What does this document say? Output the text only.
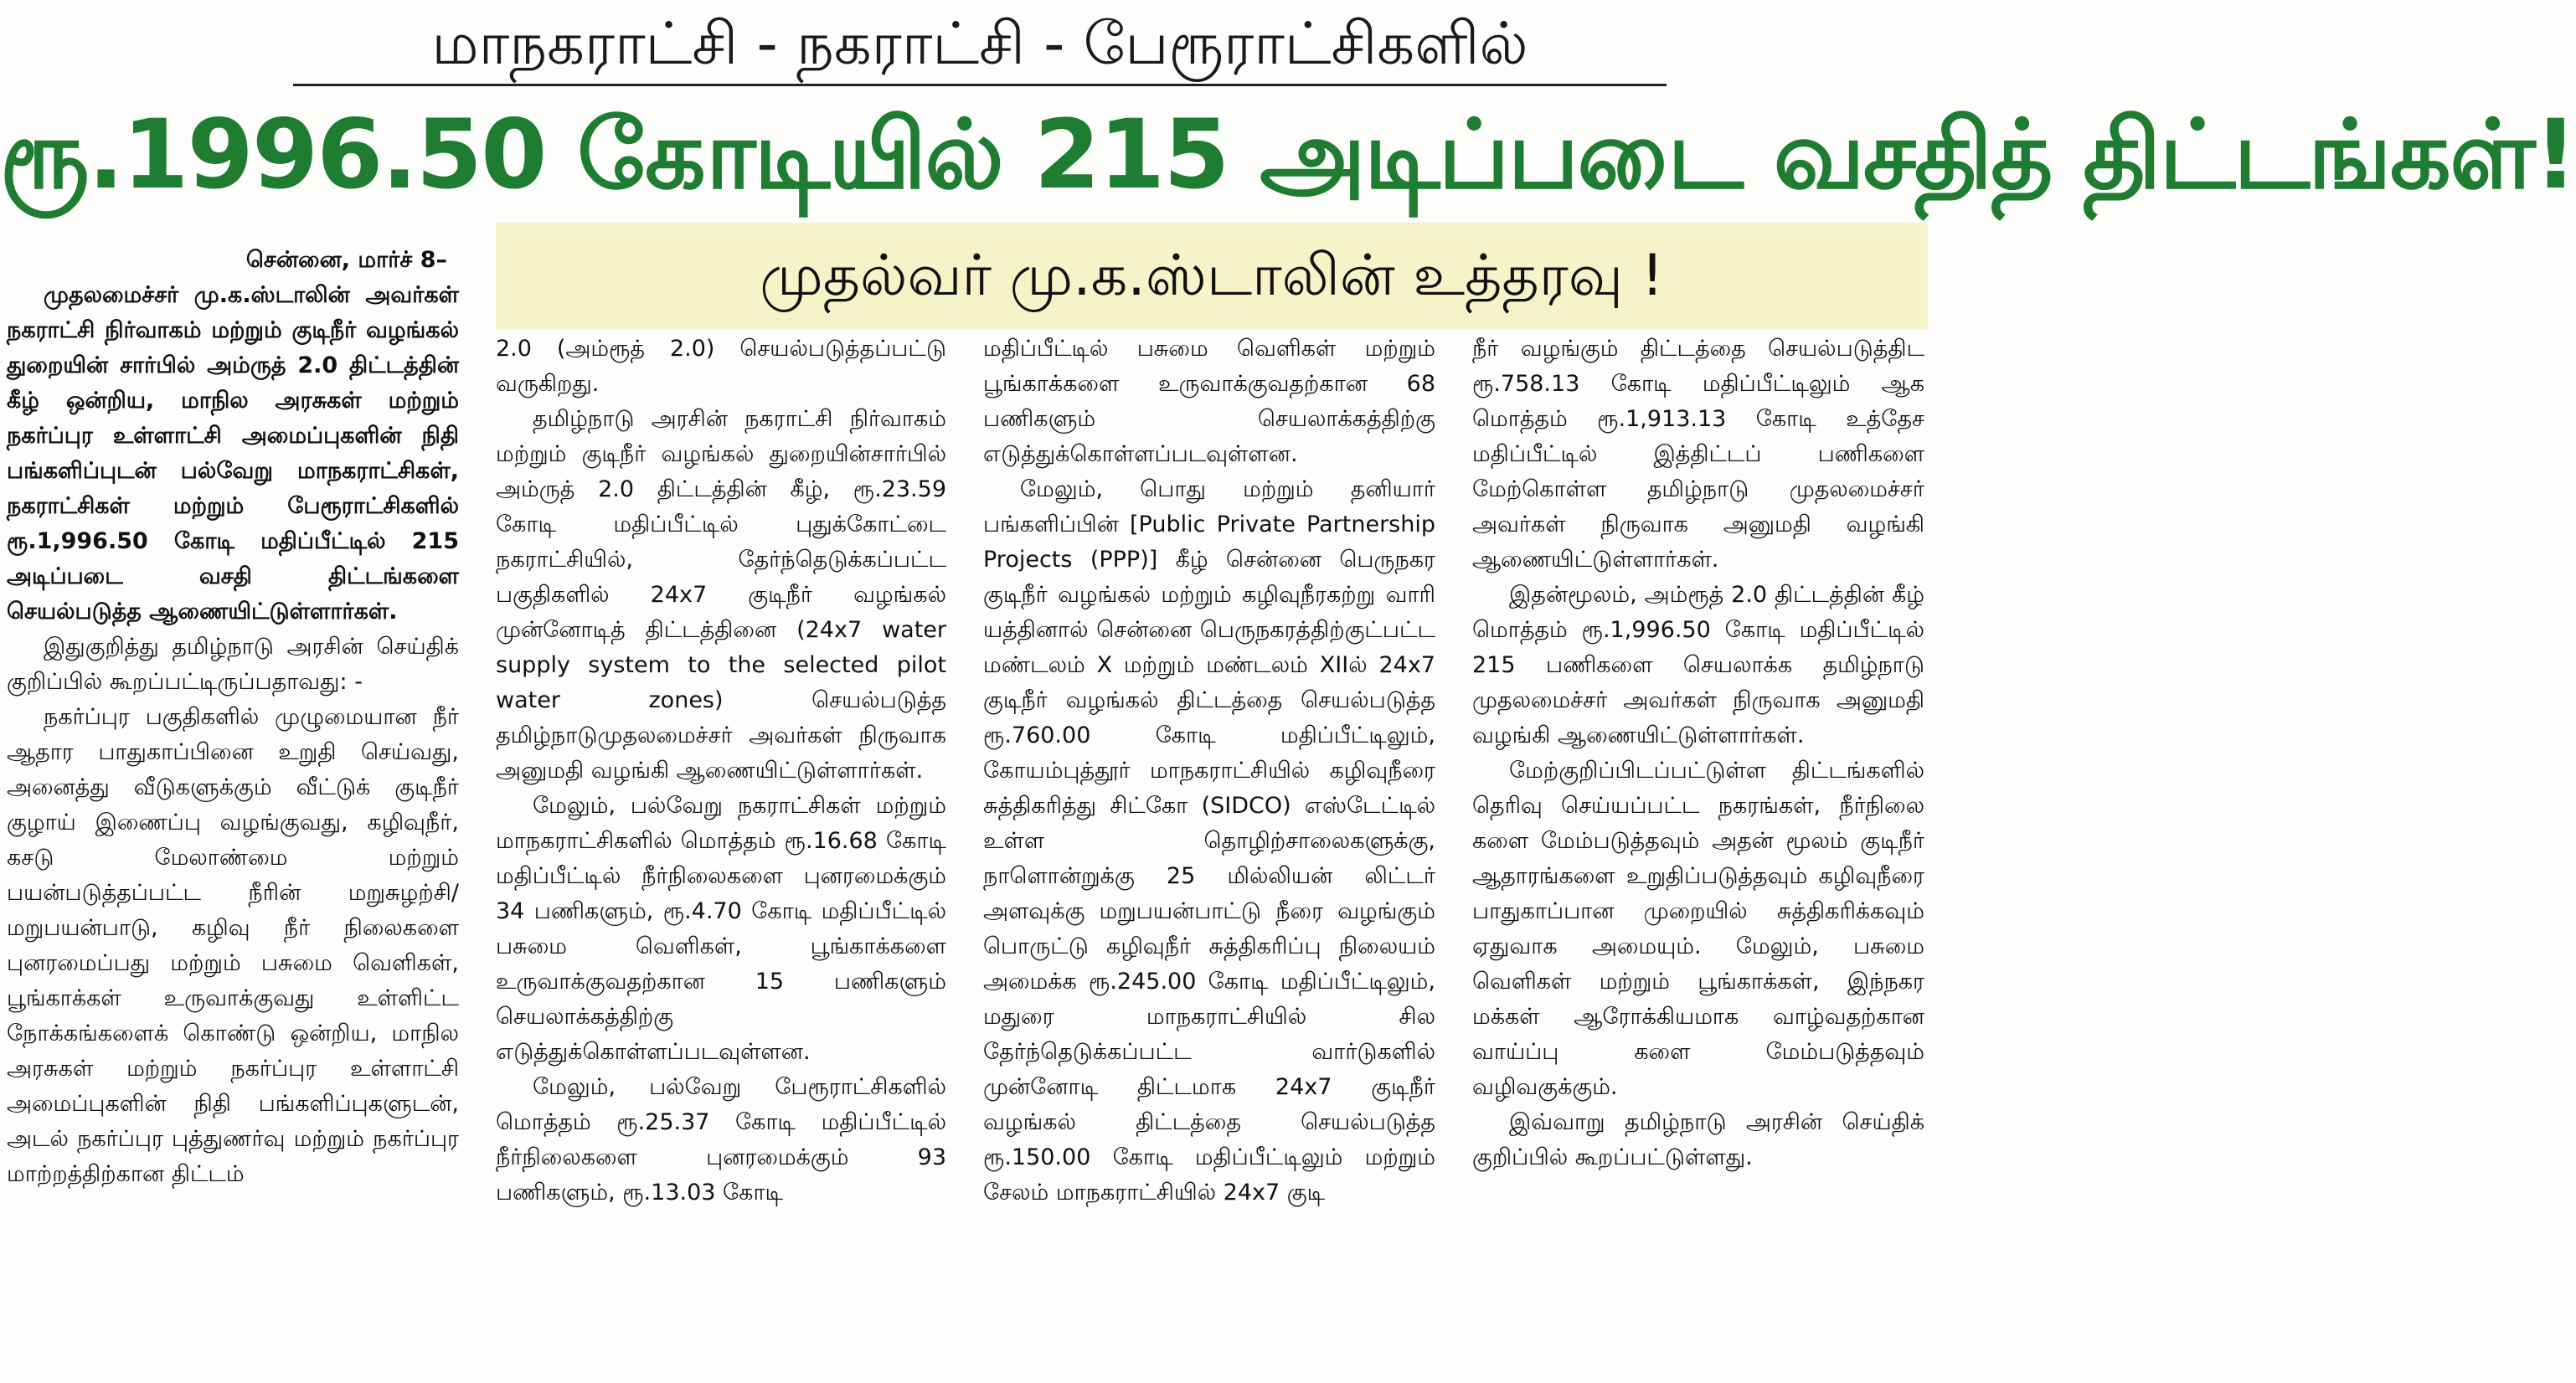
மாநகராட்சி - நகராட்சி - பேரூராட்சிகளில்
ரூ.1996.50 கோடியில் 215 அடிப்படை வசதித் திட்டங்கள்!
முதல்வர் மு.க.ஸ்டாலின் உத்தரவு !

சென்னை, மார்ச் 8–

முதலமைச்சர் மு.க.ஸ்டாலின் அவர்கள் நகராட்சி நிர்வாகம் மற்றும் குடிநீர் வழங்கல் துறையின் சார்பில் அம்ருத் 2.0 திட்டத்தின் கீழ் ஒன்றிய, மாநில அரசுகள் மற்றும் நகர்ப்புர உள்ளாட்சி அமைப்புகளின் நிதி பங்களிப்புடன் பல்வேறு மாநகராட்சிகள், நகராட்சிகள் மற்றும் பேரூராட்சிகளில் ரூ.1,996.50 கோடி மதிப்பீட்டில் 215 அடிப்படை வசதி திட்டங்களை செயல்படுத்த ஆணையிட்டுள்ளார்கள்.

இதுகுறித்து தமிழ்நாடு அரசின் செய்திக் குறிப்பில் கூறப்பட்டிருப்பதாவது: -

நகர்ப்புர பகுதிகளில் முழுமையான நீர் ஆதார பாதுகாப்பினை உறுதி செய்வது, அனைத்து வீடுகளுக்கும் வீட்டுக் குடிநீர் குழாய் இணைப்பு வழங்குவது, கழிவுநீர், கசடு மேலாண்மை மற்றும் பயன்படுத்தப்பட்ட நீரின் மறுசுழற்சி/மறுபயன்பாடு, கழிவு நீர் நிலைகளை புனரமைப்பது மற்றும் பசுமை வெளிகள், பூங்காக்கள் உருவாக்குவது உள்ளிட்ட நோக்கங்களைக் கொண்டு ஒன்றிய, மாநில அரசுகள் மற்றும் நகர்ப்புர உள்ளாட்சி அமைப்புகளின் நிதி பங்களிப்புகளுடன், அடல் நகர்ப்புர புத்துணர்வு மற்றும் நகர்ப்புர மாற்றத்திற்கான திட்டம்

2.0 (அம்ரூத் 2.0) செயல்படுத்தப்பட்டு வருகிறது.

தமிழ்நாடு அரசின் நகராட்சி நிர்வாகம் மற்றும் குடிநீர் வழங்கல் துறையின்சார்பில் அம்ருத் 2.0 திட்டத்தின் கீழ், ரூ.23.59 கோடி மதிப்பீட்டில் புதுக்கோட்டை நகராட்சியில், தேர்ந்தெடுக்கப்பட்ட பகுதிகளில் 24x7 குடிநீர் வழங்கல் முன்னோடித் திட்டத்தினை (24x7 water supply system to the selected pilot water zones) செயல்படுத்த தமிழ்நாடுமுதலமைச்சர் அவர்கள் நிருவாக அனுமதி வழங்கி ஆணையிட்டுள்ளார்கள்.

மேலும், பல்வேறு நகராட்சிகள் மற்றும் மாநகராட்சிகளில் மொத்தம் ரூ.16.68 கோடி மதிப்பீட்டில் நீர்நிலைகளை புனரமைக்கும் 34 பணிகளும், ரூ.4.70 கோடி மதிப்பீட்டில் பசுமை வெளிகள், பூங்காக்களை உருவாக்குவதற்கான 15 பணிகளும் செயலாக்கத்திற்கு எடுத்துக்கொள்ளப்படவுள்ளன.

மேலும், பல்வேறு பேரூராட்சிகளில் மொத்தம் ரூ.25.37 கோடி மதிப்பீட்டில் நீர்நிலைகளை புனரமைக்கும் 93 பணிகளும், ரூ.13.03 கோடி

மதிப்பீட்டில் பசுமை வெளிகள் மற்றும் பூங்காக்களை உருவாக்குவதற்கான 68 பணிகளும் செயலாக்கத்திற்கு எடுத்துக்கொள்ளப்படவுள்ளன.

மேலும், பொது மற்றும் தனியார் பங்களிப்பின் [Public Private Partnership Projects (PPP)] கீழ் சென்னை பெருநகர குடிநீர் வழங்கல் மற்றும் கழிவுநீரகற்று வாரி யத்தினால் சென்னை பெருநகரத்திற்குட்பட்ட மண்டலம் X மற்றும் மண்டலம் XIIல் 24x7 குடிநீர் வழங்கல் திட்டத்தை செயல்படுத்த ரூ.760.00 கோடி மதிப்பீட்டிலும், கோயம்புத்தூர் மாநகராட்சியில் கழிவுநீரை சுத்திகரித்து சிட்கோ (SIDCO) எஸ்டேட்டில் உள்ள தொழிற்சாலைகளுக்கு, நாளொன்றுக்கு 25 மில்லியன் லிட்டர் அளவுக்கு மறுபயன்பாட்டு நீரை வழங்கும் பொருட்டு கழிவுநீர் சுத்திகரிப்பு நிலையம் அமைக்க ரூ.245.00 கோடி மதிப்பீட்டிலும், மதுரை மாநகராட்சியில் சில தேர்ந்தெடுக்கப்பட்ட வார்டுகளில் முன்னோடி திட்டமாக 24x7 குடிநீர் வழங்கல் திட்டத்தை செயல்படுத்த ரூ.150.00 கோடி மதிப்பீட்டிலும் மற்றும் சேலம் மாநகராட்சியில் 24x7 குடி

நீர் வழங்கும் திட்டத்தை செயல்படுத்திட ரூ.758.13 கோடி மதிப்பீட்டிலும் ஆக மொத்தம் ரூ.1,913.13 கோடி உத்தேச மதிப்பீட்டில் இத்திட்டப் பணிகளை மேற்கொள்ள தமிழ்நாடு முதலமைச்சர் அவர்கள் நிருவாக அனுமதி வழங்கி ஆணையிட்டுள்ளார்கள்.

இதன்மூலம், அம்ரூத் 2.0 திட்டத்தின் கீழ் மொத்தம் ரூ.1,996.50 கோடி மதிப்பீட்டில் 215 பணிகளை செயலாக்க தமிழ்நாடு முதலமைச்சர் அவர்கள் நிருவாக அனுமதி வழங்கி ஆணையிட்டுள்ளார்கள்.

மேற்குறிப்பிடப்பட்டுள்ள திட்டங்களில் தெரிவு செய்யப்பட்ட நகரங்கள், நீர்நிலை களை மேம்படுத்தவும் அதன் மூலம் குடிநீர் ஆதாரங்களை உறுதிப்படுத்தவும் கழிவுநீரை பாதுகாப்பான முறையில் சுத்திகரிக்கவும் ஏதுவாக அமையும். மேலும், பசுமை வெளிகள் மற்றும் பூங்காக்கள், இந்நகர மக்கள் ஆரோக்கியமாக வாழ்வதற்கான வாய்ப்பு களை மேம்படுத்தவும் வழிவகுக்கும்.

இவ்வாறு தமிழ்நாடு அரசின் செய்திக் குறிப்பில் கூறப்பட்டுள்ளது.
